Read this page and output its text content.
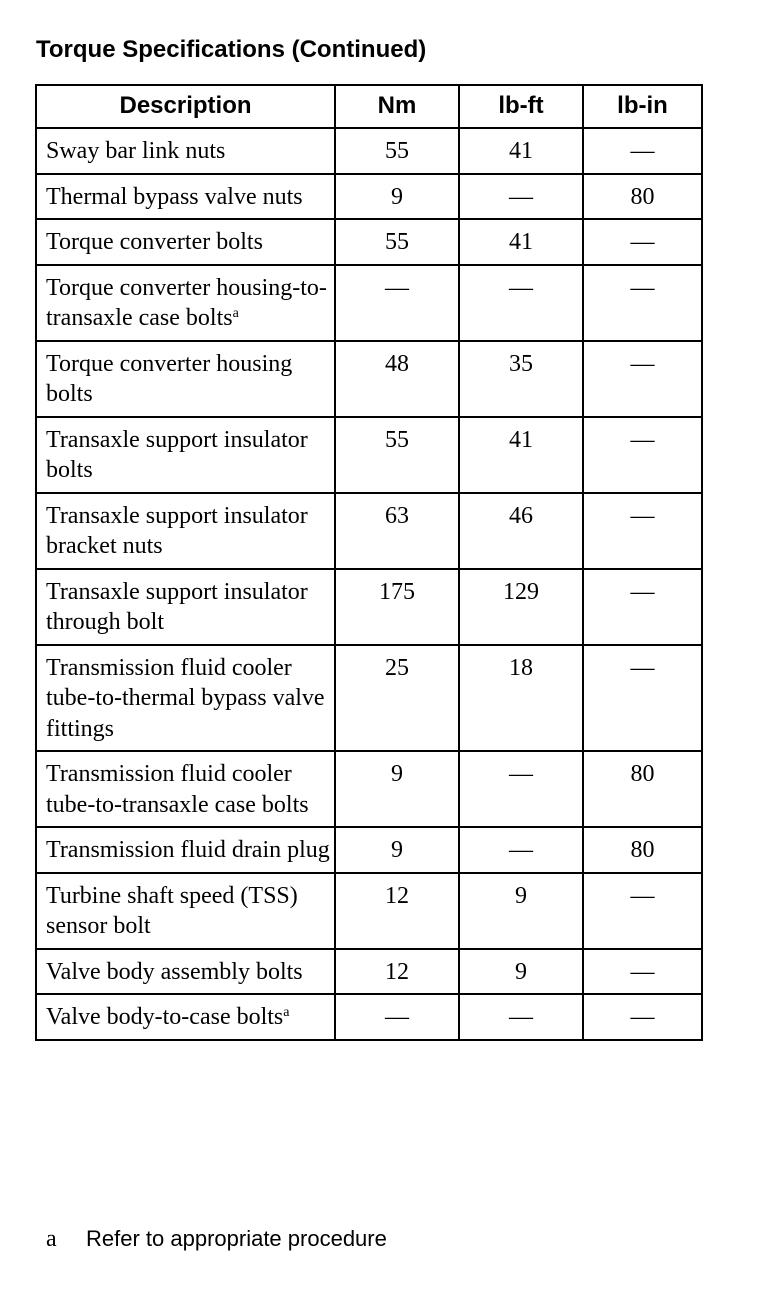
Torque Specifications (Continued)
Description	Nm	lb-ft	lb-in
Sway bar link nuts	55	41	—
Thermal bypass valve nuts	9	—	80
Torque converter bolts	55	41	—
Torque converter housing-to-transaxle case bolts$^a$	—	—	—
Torque converter housing bolts	48	35	—
Transaxle support insulator bolts	55	41	—
Transaxle support insulator bracket nuts	63	46	—
Transaxle support insulator through bolt	175	129	—
Transmission fluid cooler tube-to-thermal bypass valve fittings	25	18	—
Transmission fluid cooler tube-to-transaxle case bolts	9	—	80
Transmission fluid drain plug	9	—	80
Turbine shaft speed (TSS) sensor bolt	12	9	—
Valve body assembly bolts	12	9	—
Valve body-to-case bolts$^a$	—	—	—
a Refer to appropriate procedure
